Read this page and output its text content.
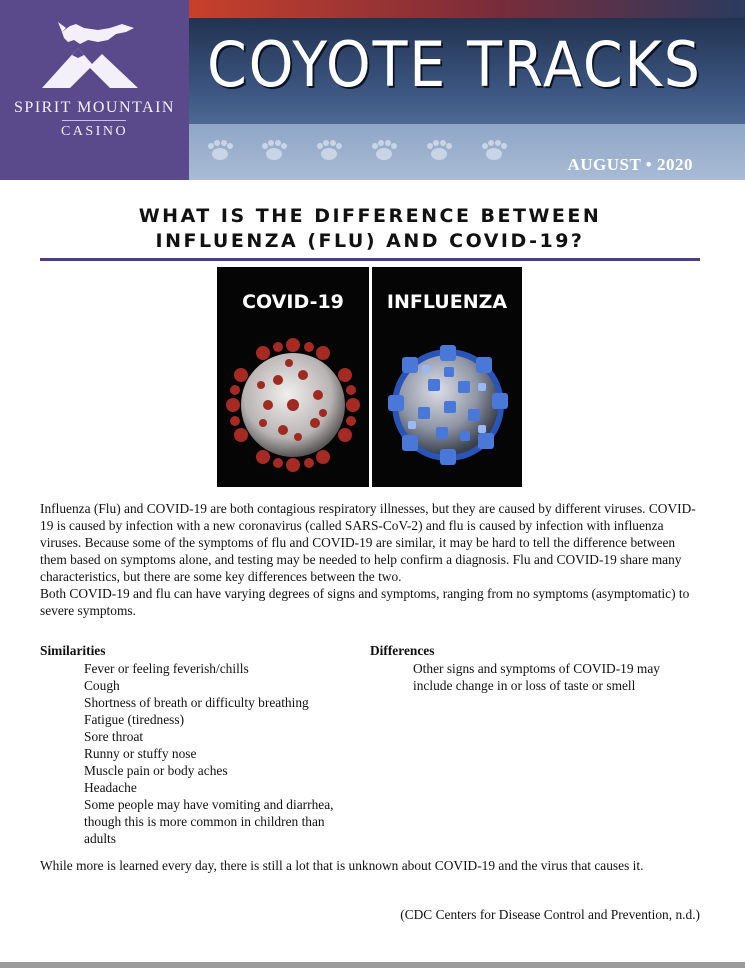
SPIRIT MOUNTAIN
CASINO
COYOTE TRACKS
AUGUST • 2020
WHAT IS THE DIFFERENCE BETWEEN
INFLUENZA (FLU) AND COVID-19?
COVID-19	INFLUENZA

Influenza (Flu) and COVID-19 are both contagious respiratory illnesses, but they are caused by different viruses. COVID-19 is caused by infection with a new coronavirus (called SARS-CoV-2) and flu is caused by infection with influenza viruses. Because some of the symptoms of flu and COVID-19 are similar, it may be hard to tell the difference between them based on symptoms alone, and testing may be needed to help confirm a diagnosis. Flu and COVID-19 share many characteristics, but there are some key differences between the two.

Both COVID-19 and flu can have varying degrees of signs and symptoms, ranging from no symptoms (asymptomatic) to severe symptoms.

Similarities
Fever or feeling feverish/chills
Cough
Shortness of breath or difficulty breathing
Fatigue (tiredness)
Sore throat
Runny or stuffy nose
Muscle pain or body aches
Headache
Some people may have vomiting and diarrhea, though this is more common in children than adults
Differences
Other signs and symptoms of COVID-19 may include change in or loss of taste or smell
While more is learned every day, there is still a lot that is unknown about COVID-19 and the virus that causes it.
(CDC Centers for Disease Control and Prevention, n.d.)
